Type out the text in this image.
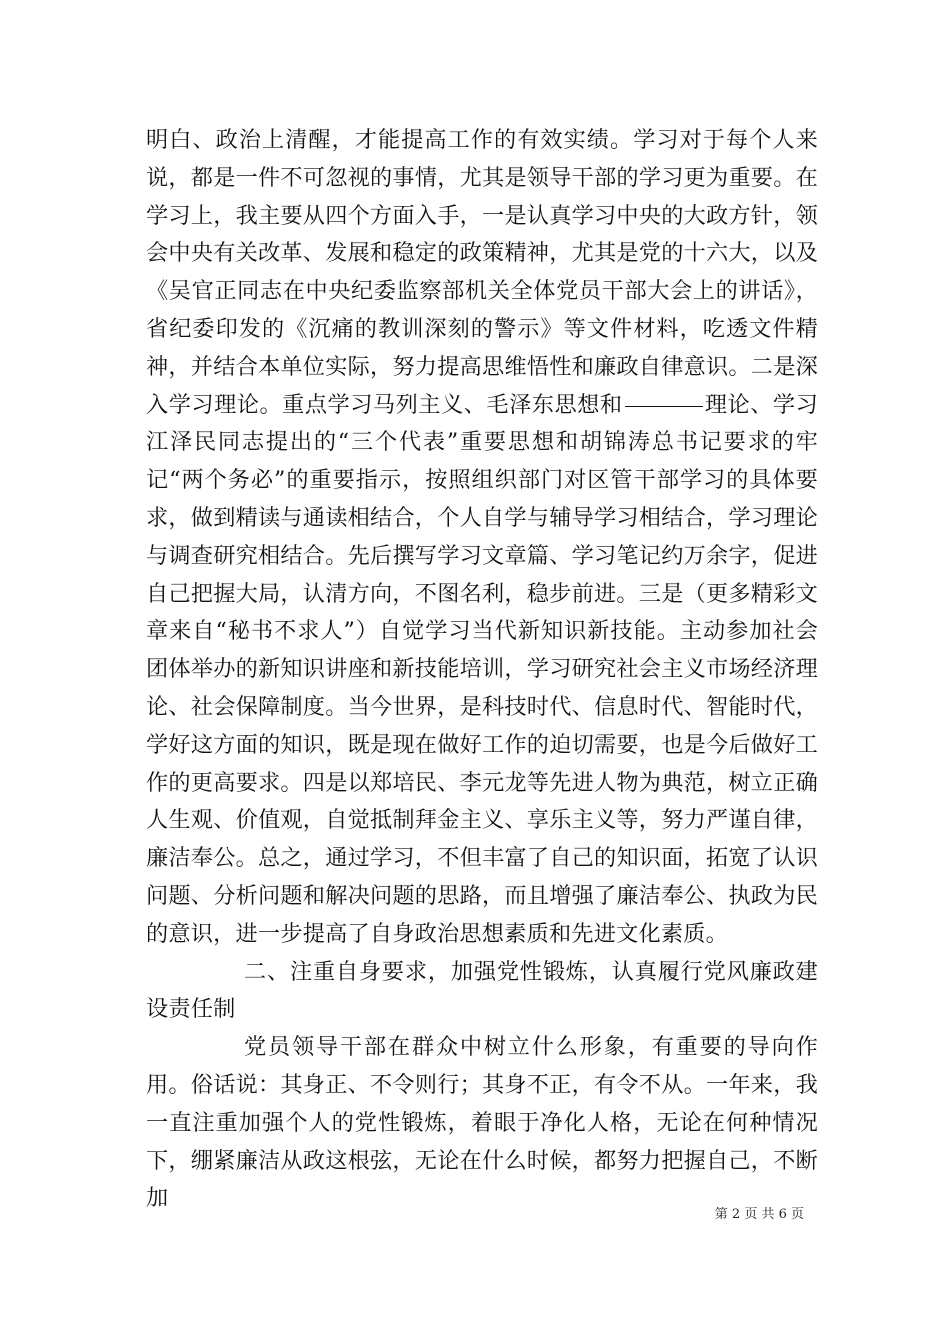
明白、政治上清醒，才能提高工作的有效实绩。学习对于每个人来说，都是一件不可忽视的事情，尤其是领导干部的学习更为重要。在学习上，我主要从四个方面入手，一是认真学习中央的大政方针，领会中央有关改革、发展和稳定的政策精神，尤其是党的十六大，以及《吴官正同志在中央纪委监察部机关全体党员干部大会上的讲话》，省纪委印发的《沉痛的教训深刻的警示》等文件材料，吃透文件精神，并结合本单位实际，努力提高思维悟性和廉政自律意识。二是深入学习理论。重点学习马列主义、毛泽东思想和	理论、学习江泽民同志提出的“三个代表”重要思想和胡锦涛总书记要求的牢记“两个务必”的重要指示，按照组织部门对区管干部学习的具体要求，做到精读与通读相结合，个人自学与辅导学习相结合，学习理论与调查研究相结合。先后撰写学习文章篇、学习笔记约万余字，促进自己把握大局，认清方向，不图名利，稳步前进。三是（更多精彩文章来自“秘书不求人”）自觉学习当代新知识新技能。主动参加社会团体举办的新知识讲座和新技能培训，学习研究社会主义市场经济理论、社会保障制度。当今世界，是科技时代、信息时代、智能时代，学好这方面的知识，既是现在做好工作的迫切需要，也是今后做好工作的更高要求。四是以郑培民、李元龙等先进人物为典范，树立正确人生观、价值观，自觉抵制拜金主义、享乐主义等，努力严谨自律，廉洁奉公。总之，通过学习，不但丰富了自己的知识面，拓宽了认识问题、分析问题和解决问题的思路，而且增强了廉洁奉公、执政为民的意识，进一步提高了自身政治思想素质和先进文化素质。

二、注重自身要求，加强党性锻炼，认真履行党风廉政建设责任制

党员领导干部在群众中树立什么形象，有重要的导向作用。俗话说：其身正、不令则行；其身不正，有令不从。一年来，我一直注重加强个人的党性锻炼，着眼于净化人格，无论在何种情况下，绷紧廉洁从政这根弦，无论在什么时候，都努力把握自己，不断加

第 2 页 共 6 页
